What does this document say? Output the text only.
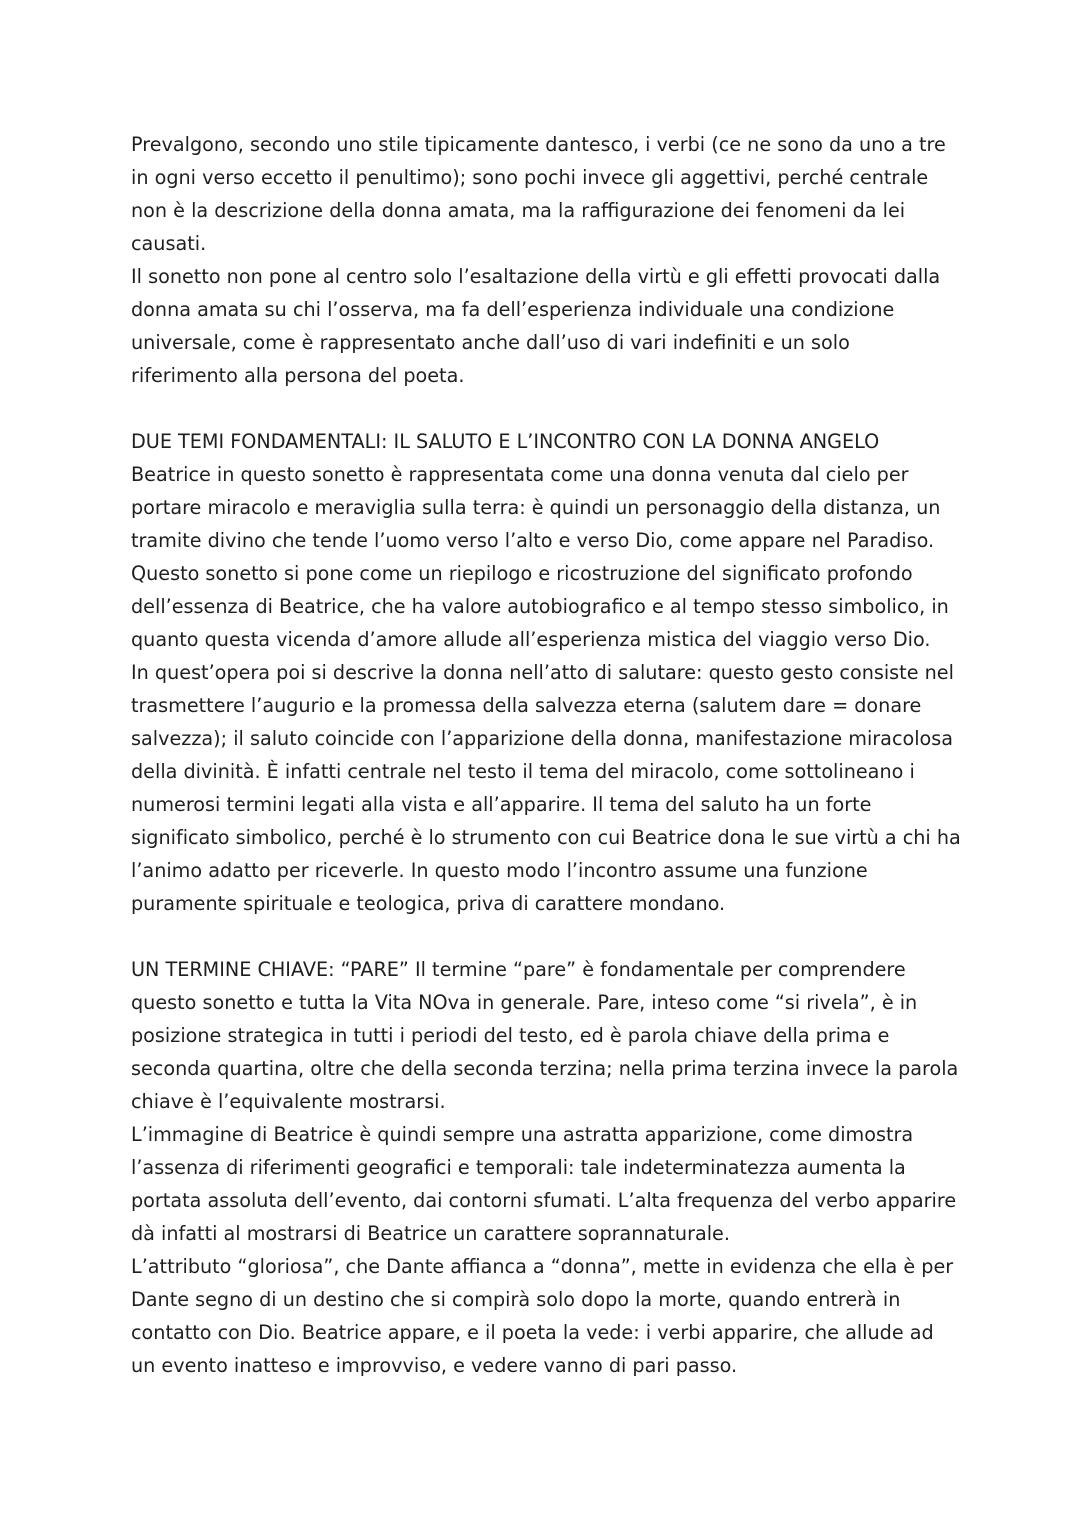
Prevalgono, secondo uno stile tipicamente dantesco, i verbi (ce ne sono da uno a tre
in ogni verso eccetto il penultimo); sono pochi invece gli aggettivi, perché centrale
non è la descrizione della donna amata, ma la raffigurazione dei fenomeni da lei
causati.
Il sonetto non pone al centro solo l’esaltazione della virtù e gli effetti provocati dalla
donna amata su chi l’osserva, ma fa dell’esperienza individuale una condizione
universale, come è rappresentato anche dall’uso di vari indefiniti e un solo
riferimento alla persona del poeta.
DUE TEMI FONDAMENTALI: IL SALUTO E L’INCONTRO CON LA DONNA ANGELO
Beatrice in questo sonetto è rappresentata come una donna venuta dal cielo per
portare miracolo e meraviglia sulla terra: è quindi un personaggio della distanza, un
tramite divino che tende l’uomo verso l’alto e verso Dio, come appare nel Paradiso.
Questo sonetto si pone come un riepilogo e ricostruzione del significato profondo
dell’essenza di Beatrice, che ha valore autobiografico e al tempo stesso simbolico, in
quanto questa vicenda d’amore allude all’esperienza mistica del viaggio verso Dio.
In quest’opera poi si descrive la donna nell’atto di salutare: questo gesto consiste nel
trasmettere l’augurio e la promessa della salvezza eterna (salutem dare = donare
salvezza); il saluto coincide con l’apparizione della donna, manifestazione miracolosa
della divinità. È infatti centrale nel testo il tema del miracolo, come sottolineano i
numerosi termini legati alla vista e all’apparire. Il tema del saluto ha un forte
significato simbolico, perché è lo strumento con cui Beatrice dona le sue virtù a chi ha
l’animo adatto per riceverle. In questo modo l’incontro assume una funzione
puramente spirituale e teologica, priva di carattere mondano.
UN TERMINE CHIAVE: “PARE” Il termine “pare” è fondamentale per comprendere
questo sonetto e tutta la Vita NOva in generale. Pare, inteso come “si rivela”, è in
posizione strategica in tutti i periodi del testo, ed è parola chiave della prima e
seconda quartina, oltre che della seconda terzina; nella prima terzina invece la parola
chiave è l’equivalente mostrarsi.
L’immagine di Beatrice è quindi sempre una astratta apparizione, come dimostra
l’assenza di riferimenti geografici e temporali: tale indeterminatezza aumenta la
portata assoluta dell’evento, dai contorni sfumati. L’alta frequenza del verbo apparire
dà infatti al mostrarsi di Beatrice un carattere soprannaturale.
L’attributo “gloriosa”, che Dante affianca a “donna”, mette in evidenza che ella è per
Dante segno di un destino che si compirà solo dopo la morte, quando entrerà in
contatto con Dio. Beatrice appare, e il poeta la vede: i verbi apparire, che allude ad
un evento inatteso e improvviso, e vedere vanno di pari passo.
